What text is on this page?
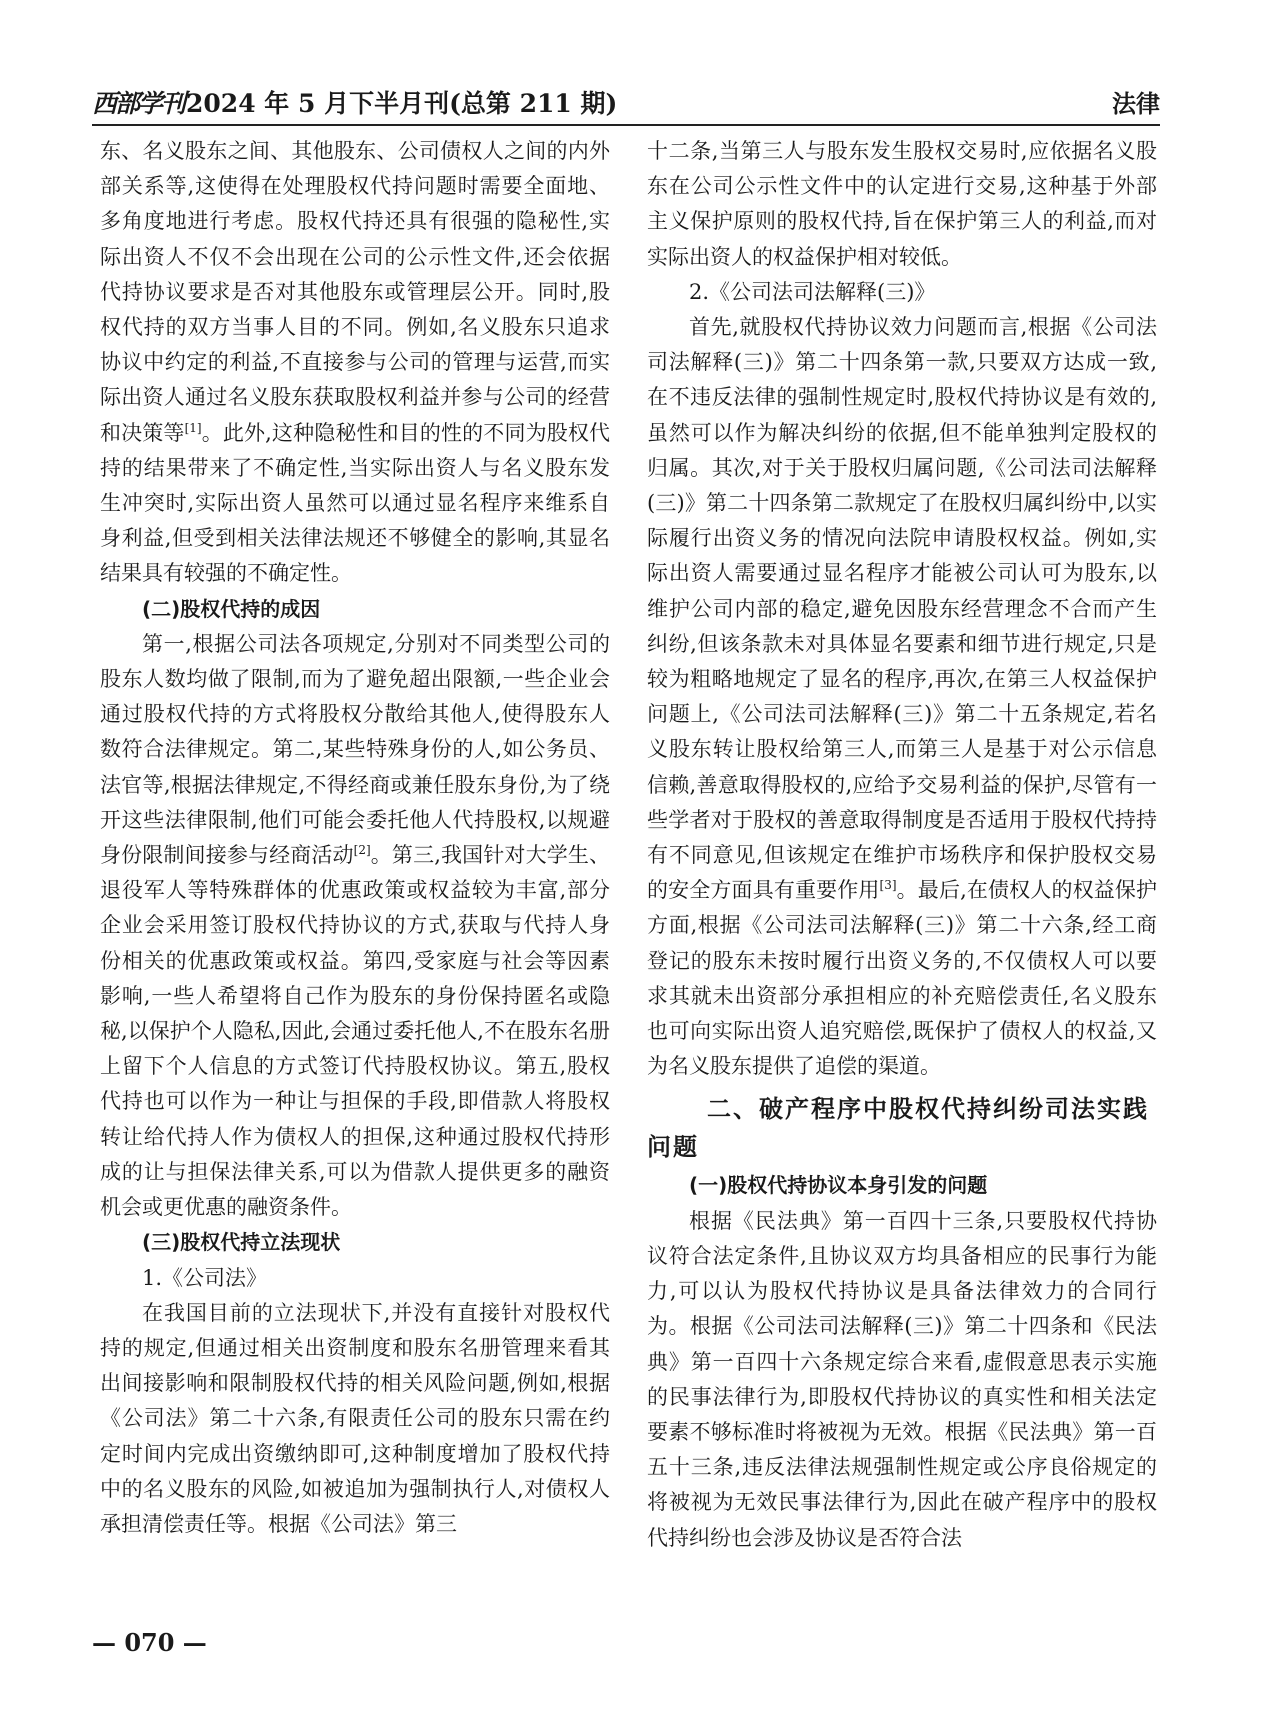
西部学刊2024 年 5 月下半月刊(总第 211 期)	法律

东、名义股东之间、其他股东、公司债权人之间的内外部关系等,这使得在处理股权代持问题时需要全面地、多角度地进行考虑。股权代持还具有很强的隐秘性,实际出资人不仅不会出现在公司的公示性文件,还会依据代持协议要求是否对其他股东或管理层公开。同时,股权代持的双方当事人目的不同。例如,名义股东只追求协议中约定的利益,不直接参与公司的管理与运营,而实际出资人通过名义股东获取股权利益并参与公司的经营和决策等[1]。此外,这种隐秘性和目的性的不同为股权代持的结果带来了不确定性,当实际出资人与名义股东发生冲突时,实际出资人虽然可以通过显名程序来维系自身利益,但受到相关法律法规还不够健全的影响,其显名结果具有较强的不确定性。

(二)股权代持的成因

第一,根据公司法各项规定,分别对不同类型公司的股东人数均做了限制,而为了避免超出限额,一些企业会通过股权代持的方式将股权分散给其他人,使得股东人数符合法律规定。第二,某些特殊身份的人,如公务员、法官等,根据法律规定,不得经商或兼任股东身份,为了绕开这些法律限制,他们可能会委托他人代持股权,以规避身份限制间接参与经商活动[2]。第三,我国针对大学生、退役军人等特殊群体的优惠政策或权益较为丰富,部分企业会采用签订股权代持协议的方式,获取与代持人身份相关的优惠政策或权益。第四,受家庭与社会等因素影响,一些人希望将自己作为股东的身份保持匿名或隐秘,以保护个人隐私,因此,会通过委托他人,不在股东名册上留下个人信息的方式签订代持股权协议。第五,股权代持也可以作为一种让与担保的手段,即借款人将股权转让给代持人作为债权人的担保,这种通过股权代持形成的让与担保法律关系,可以为借款人提供更多的融资机会或更优惠的融资条件。

(三)股权代持立法现状
1.《公司法》

在我国目前的立法现状下,并没有直接针对股权代持的规定,但通过相关出资制度和股东名册管理来看其出间接影响和限制股权代持的相关风险问题,例如,根据《公司法》第二十六条,有限责任公司的股东只需在约定时间内完成出资缴纳即可,这种制度增加了股权代持中的名义股东的风险,如被追加为强制执行人,对债权人承担清偿责任等。根据《公司法》第三

十二条,当第三人与股东发生股权交易时,应依据名义股东在公司公示性文件中的认定进行交易,这种基于外部主义保护原则的股权代持,旨在保护第三人的利益,而对实际出资人的权益保护相对较低。

2.《公司法司法解释(三)》

首先,就股权代持协议效力问题而言,根据《公司法司法解释(三)》第二十四条第一款,只要双方达成一致,在不违反法律的强制性规定时,股权代持协议是有效的,虽然可以作为解决纠纷的依据,但不能单独判定股权的归属。其次,对于关于股权归属问题,《公司法司法解释(三)》第二十四条第二款规定了在股权归属纠纷中,以实际履行出资义务的情况向法院申请股权权益。例如,实际出资人需要通过显名程序才能被公司认可为股东,以维护公司内部的稳定,避免因股东经营理念不合而产生纠纷,但该条款未对具体显名要素和细节进行规定,只是较为粗略地规定了显名的程序,再次,在第三人权益保护问题上,《公司法司法解释(三)》第二十五条规定,若名义股东转让股权给第三人,而第三人是基于对公示信息信赖,善意取得股权的,应给予交易利益的保护,尽管有一些学者对于股权的善意取得制度是否适用于股权代持持有不同意见,但该规定在维护市场秩序和保护股权交易的安全方面具有重要作用[3]。最后,在债权人的权益保护方面,根据《公司法司法解释(三)》第二十六条,经工商登记的股东未按时履行出资义务的,不仅债权人可以要求其就未出资部分承担相应的补充赔偿责任,名义股东也可向实际出资人追究赔偿,既保护了债权人的权益,又为名义股东提供了追偿的渠道。

二、破产程序中股权代持纠纷司法实践
问题
(一)股权代持协议本身引发的问题

根据《民法典》第一百四十三条,只要股权代持协议符合法定条件,且协议双方均具备相应的民事行为能力,可以认为股权代持协议是具备法律效力的合同行为。根据《公司法司法解释(三)》第二十四条和《民法典》第一百四十六条规定综合来看,虚假意思表示实施的民事法律行为,即股权代持协议的真实性和相关法定要素不够标准时将被视为无效。根据《民法典》第一百五十三条,违反法律法规强制性规定或公序良俗规定的将被视为无效民事法律行为,因此在破产程序中的股权代持纠纷也会涉及协议是否符合法

— 070 —
